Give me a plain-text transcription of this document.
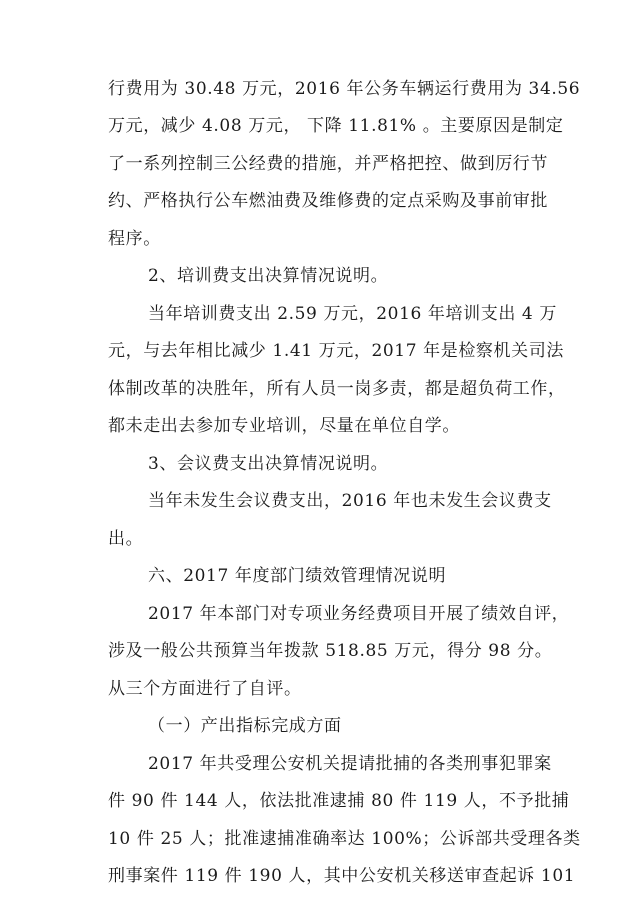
行费用为 30.48 万元，2016 年公务车辆运行费用为 34.56
万元，减少 4.08 万元， 下降 11.81% 。主要原因是制定
了一系列控制三公经费的措施，并严格把控、做到厉行节
约、严格执行公车燃油费及维修费的定点采购及事前审批
程序。
2、培训费支出决算情况说明。
当年培训费支出 2.59 万元，2016 年培训支出 4 万
元，与去年相比减少 1.41 万元，2017 年是检察机关司法
体制改革的决胜年，所有人员一岗多责，都是超负荷工作，
都未走出去参加专业培训，尽量在单位自学。
3、会议费支出决算情况说明。
当年未发生会议费支出，2016 年也未发生会议费支
出。
六、2017 年度部门绩效管理情况说明
2017 年本部门对专项业务经费项目开展了绩效自评，
涉及一般公共预算当年拨款 518.85 万元，得分 98 分。
从三个方面进行了自评。
（一）产出指标完成方面
2017 年共受理公安机关提请批捕的各类刑事犯罪案
件 90 件 144 人，依法批准逮捕 80 件 119 人，不予批捕
10 件 25 人；批准逮捕准确率达 100%；公诉部共受理各类
刑事案件 119 件 190 人，其中公安机关移送审查起诉 101
